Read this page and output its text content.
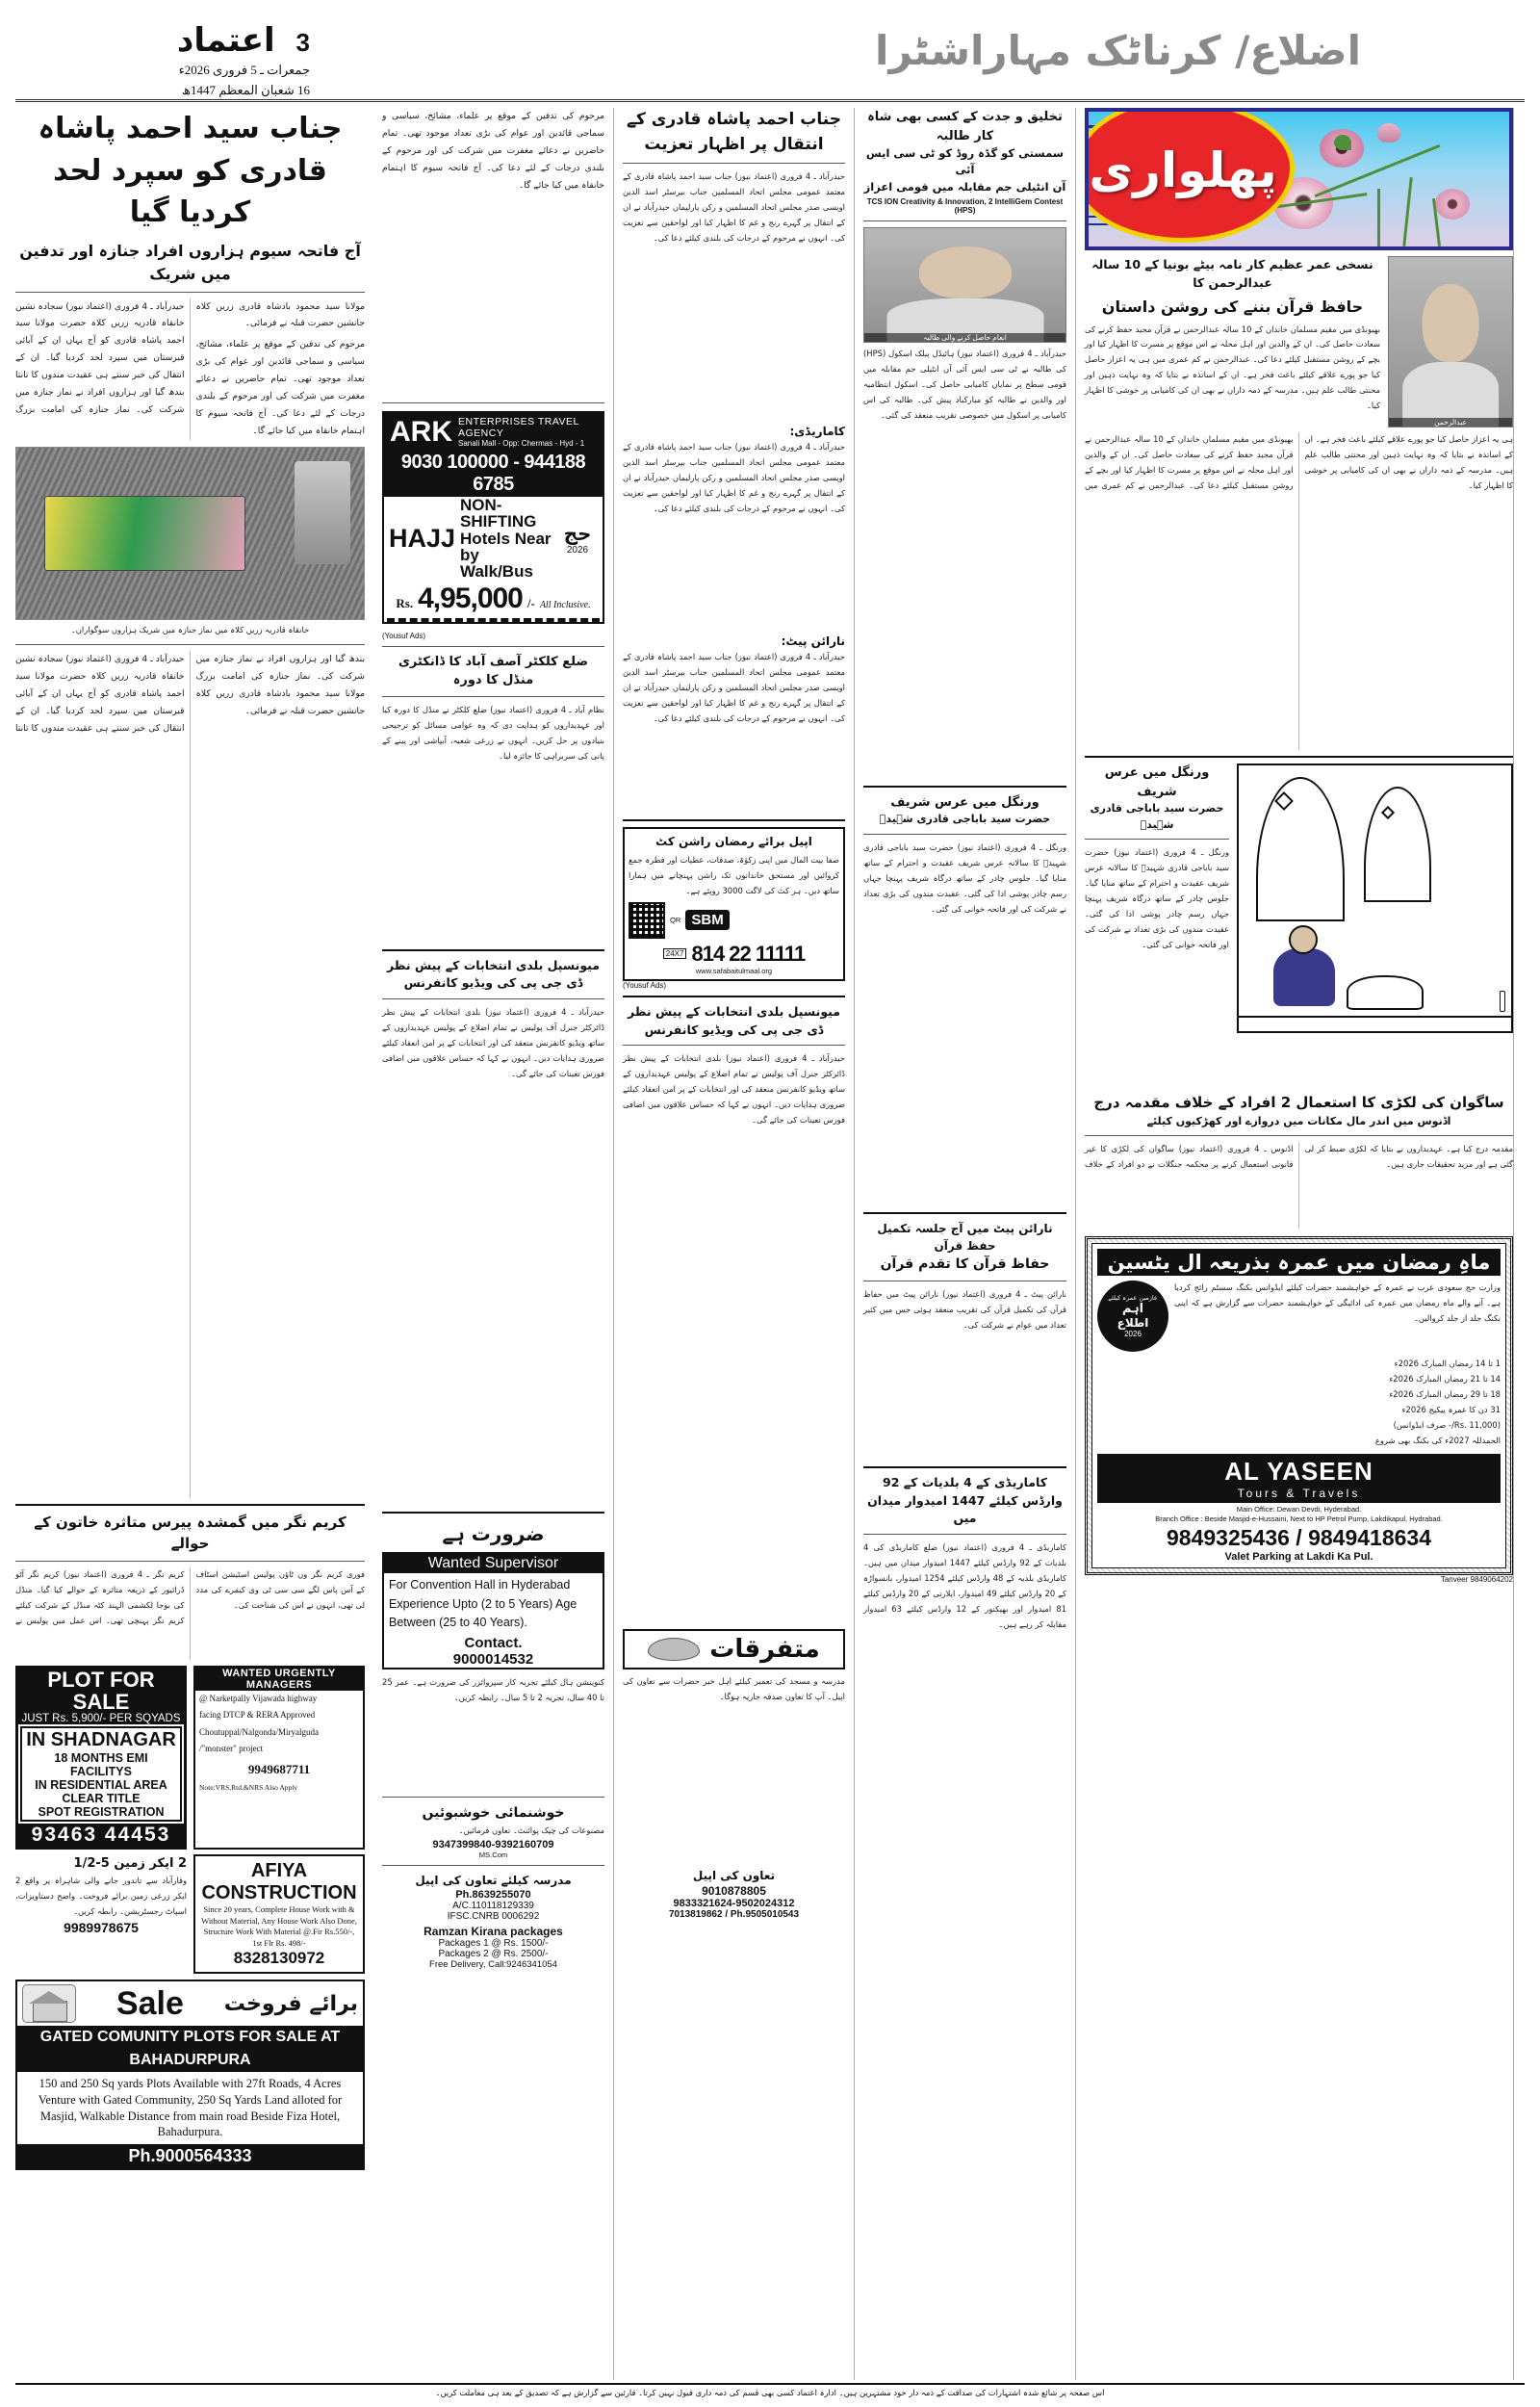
3 اعتماد
جمعرات ـ 5 فروری 2026ء
16 شعبان المعظم 1447ھ
اضلاع/ کرناٹک مہاراشٹرا
جناب سید احمد پاشاہ قادری کو سپرد لحد کردیا گیا
آج فاتحہ سیوم ہزاروں افراد جنازہ اور تدفین میں شریک
حیدرآباد ـ 4 فروری (اعتماد نیوز) سجادہ نشین خانقاہ قادریہ زریں کلاہ حضرت مولانا سید احمد پاشاہ قادری کو آج یہاں ان کے آبائی قبرستان میں سپرد لحد کردیا گیا۔ ان کے انتقال کی خبر سنتے ہی عقیدت مندوں کا تانتا بندھ گیا اور ہزاروں افراد نے نماز جنازہ میں شرکت کی۔ نماز جنازہ کی امامت بزرگ مولانا سید محمود بادشاہ قادری زریں کلاہ جانشین حضرت قبلہ نے فرمائی۔
مرحوم کی تدفین کے موقع پر علماء، مشائخ، سیاسی و سماجی قائدین اور عوام کی بڑی تعداد موجود تھی۔ تمام حاضرین نے دعائے مغفرت میں شرکت کی اور مرحوم کے بلندی درجات کے لئے دعا کی۔ آج فاتحہ سیوم کا اہتمام خانقاہ میں کیا جائے گا۔
خانقاہ قادریہ زریں کلاہ میں نماز جنازہ میں شریک ہزاروں سوگواران۔
حیدرآباد ـ 4 فروری (اعتماد نیوز) سجادہ نشین خانقاہ قادریہ زریں کلاہ حضرت مولانا سید احمد پاشاہ قادری کو آج یہاں ان کے آبائی قبرستان میں سپرد لحد کردیا گیا۔ ان کے انتقال کی خبر سنتے ہی عقیدت مندوں کا تانتا بندھ گیا اور ہزاروں افراد نے نماز جنازہ میں شرکت کی۔ نماز جنازہ کی امامت بزرگ مولانا سید محمود بادشاہ قادری زریں کلاہ جانشین حضرت قبلہ نے فرمائی۔
کریم نگر میں گمشدہ پیرس متاثرہ خاتون کے حوالے
کریم نگر ـ 4 فروری (اعتماد نیوز) کریم نگر آٹو ڈرائیور کے ذریعہ متاثرہ کے حوالے کیا گیا۔ منڈل کی بوجا لکشمی الہند کٹہ منڈل کے شرکت کیلئے کریم نگر پہنچی تھی۔ اس عمل میں پولیس نے فوری کریم نگر ون ٹاؤن پولیس اسٹیشن اسٹاف کے آس پاس لگے سی سی ٹی وی کیمرے کی مدد لی تھی، انہوں نے اس کی شناخت کی۔
PLOT FOR SALE
JUST Rs. 5,900/- PER SQYADS
IN SHADNAGAR
18 MONTHS EMI FACILITYS
IN RESIDENTIAL AREA
CLEAR TITLE
SPOT REGISTRATION
93463 44453
WANTED URGENTLY MANAGERS
@ Narketpally Vijawada highway
facing DTCP & RERA Approved
Choutuppal/Nalgonda/Miryalguda
/"monster" project
9949687711
Note:VRS,Rtd.&NRS Also Apply
2 ایکر زمین 5-1/2
وقارآباد سے تاندور جانے والی شاہراہ پر واقع 2 ایکر زرعی زمین برائے فروخت۔ واضح دستاویزات، اسپاٹ رجسٹریشن۔ رابطہ کریں۔
9989978675
AFIYA CONSTRUCTION
Since 20 years, Complete House Work with &
Without Material, Any House Work Also Done,
Structure Work With Material @.Fir Rs.550/-,
1st Flr Rs. 498/-
8328130972
Sale برائے فروخت
GATED COMUNITY PLOTS FOR SALE AT
BAHADURPURA
150 and 250 Sq yards Plots Available with 27ft Roads, 4 Acres Venture with Gated Community, 250 Sq Yards Land alloted for Masjid, Walkable Distance from main road Beside Fiza Hotel, Bahadurpura.
Ph.9000564333
مرحوم کی تدفین کے موقع پر علماء، مشائخ، سیاسی و سماجی قائدین اور عوام کی بڑی تعداد موجود تھی۔ تمام حاضرین نے دعائے مغفرت میں شرکت کی اور مرحوم کے بلندی درجات کے لئے دعا کی۔ آج فاتحہ سیوم کا اہتمام خانقاہ میں کیا جائے گا۔
ARK ENTERPRISES TRAVEL AGENCY
Sanali Mall - Opp: Chermas - Hyd - 1
9030 100000 - 944188 6785
HAJJ
NON-SHIFTING
Hotels Near by Walk/Bus
حج
2026
Rs. 4,95,000 /- All Inclusive.
(Yousuf Ads)
ضلع کلکٹر آصف آباد کا ڈانکٹری منڈل کا دورہ
نظام آباد ـ 4 فروری (اعتماد نیوز) ضلع کلکٹر نے منڈل کا دورہ کیا اور عہدیداروں کو ہدایت دی کہ وہ عوامی مسائل کو ترجیحی بنیادوں پر حل کریں۔ انہوں نے زرعی شعبہ، آبپاشی اور پینے کے پانی کی سربراہی کا جائزہ لیا۔
میونسپل بلدی انتخابات کے پیش نظر ڈی جی پی کی ویڈیو کانفرنس
حیدرآباد ـ 4 فروری (اعتماد نیوز) بلدی انتخابات کے پیش نظر ڈائرکٹر جنرل آف پولیس نے تمام اضلاع کے پولیس عہدیداروں کے ساتھ ویڈیو کانفرنس منعقد کی اور انتخابات کے پر امن انعقاد کیلئے ضروری ہدایات دیں۔ انہوں نے کہا کہ حساس علاقوں میں اضافی فورس تعینات کی جائے گی۔
ضرورت ہے
Wanted Supervisor
For Convention Hall in Hyderabad Experience Upto (2 to 5 Years) Age Between (25 to 40 Years).
Contact.
9000014532
کنوینشن ہال کیلئے تجربہ کار سپروائزر کی ضرورت ہے۔ عمر 25 تا 40 سال، تجربہ 2 تا 5 سال۔ رابطہ کریں۔
خوشنمائی خوشبوئیں
مصنوعات کی چیک پوائنٹ۔ تعاون فرمائیں۔
9347399840-9392160709
MS.Com
مدرسہ کیلئے تعاون کی اپیل
Ph.8639255070
A/C.110118129339
IFSC.CNRB 0006292
Ramzan Kirana packages
Packages 1 @ Rs. 1500/-
Packages 2 @ Rs. 2500/-
Free Delivery, Call:9246341054
جناب احمد پاشاہ قادری کے انتقال پر اظہار تعزیت
حیدرآباد ـ 4 فروری (اعتماد نیوز) جناب سید احمد پاشاہ قادری کے معتمد عمومی مجلس اتحاد المسلمین جناب بیرسٹر اسد الدین اویسی صدر مجلس اتحاد المسلمین و رکن پارلیمان حیدرآباد نے ان کے انتقال پر گہرے رنج و غم کا اظہار کیا اور لواحقین سے تعزیت کی۔ انہوں نے مرحوم کے درجات کی بلندی کیلئے دعا کی۔
کاماریڈی:
حیدرآباد ـ 4 فروری (اعتماد نیوز) جناب سید احمد پاشاہ قادری کے معتمد عمومی مجلس اتحاد المسلمین جناب بیرسٹر اسد الدین اویسی صدر مجلس اتحاد المسلمین و رکن پارلیمان حیدرآباد نے ان کے انتقال پر گہرے رنج و غم کا اظہار کیا اور لواحقین سے تعزیت کی۔ انہوں نے مرحوم کے درجات کی بلندی کیلئے دعا کی۔
نارائن پیٹ:
حیدرآباد ـ 4 فروری (اعتماد نیوز) جناب سید احمد پاشاہ قادری کے معتمد عمومی مجلس اتحاد المسلمین جناب بیرسٹر اسد الدین اویسی صدر مجلس اتحاد المسلمین و رکن پارلیمان حیدرآباد نے ان کے انتقال پر گہرے رنج و غم کا اظہار کیا اور لواحقین سے تعزیت کی۔ انہوں نے مرحوم کے درجات کی بلندی کیلئے دعا کی۔
اپیل برائے رمضان راشن کٹ
صفا بیت المال میں اپنی زکوٰۃ، صدقات، عطیات اور فطرہ جمع کروائیں اور مستحق خاندانوں تک راشن پہنچانے میں ہمارا ساتھ دیں۔ ہر کٹ کی لاگت 3000 روپئے ہے۔
QR SBM
24X7 814 22 11111
www.safabaitulmaal.org
(Yousuf Ads)
میونسپل بلدی انتخابات کے پیش نظر ڈی جی پی کی ویڈیو کانفرنس
حیدرآباد ـ 4 فروری (اعتماد نیوز) بلدی انتخابات کے پیش نظر ڈائرکٹر جنرل آف پولیس نے تمام اضلاع کے پولیس عہدیداروں کے ساتھ ویڈیو کانفرنس منعقد کی اور انتخابات کے پر امن انعقاد کیلئے ضروری ہدایات دیں۔ انہوں نے کہا کہ حساس علاقوں میں اضافی فورس تعینات کی جائے گی۔
متفرقات
مدرسہ و مسجد کی تعمیر کیلئے اہل خیر حضرات سے تعاون کی اپیل۔ آپ کا تعاون صدقہ جاریہ ہوگا۔
تعاون کی اپیل
9010878805
9833321624-9502024312
7013819862 / Ph.9505010543
تخلیق و جدت کے کسی بھی شاہ کار طالبہ
سمستی کو گڈہ روڈ کو ٹی سی ایس آئی
آن انٹیلی جم مقابلہ میں قومی اعزاز
TCS ION Creativity & Innovation, 2 IntelliGem Contest (HPS)
انعام حاصل کرنے والی طالبہ
حیدرآباد ـ 4 فروری (اعتماد نیوز) ہائیڈل پبلک اسکول (HPS) کی طالبہ نے ٹی سی ایس آئی آن انٹیلی جم مقابلہ میں قومی سطح پر نمایاں کامیابی حاصل کی۔ اسکول انتظامیہ اور والدین نے طالبہ کو مبارکباد پیش کی۔ طالبہ کی اس کامیابی پر اسکول میں خصوصی تقریب منعقد کی گئی۔
ورنگل میں عرس شریف
حضرت سید باباجی قادری شہیدؒ
ورنگل ـ 4 فروری (اعتماد نیوز) حضرت سید باباجی قادری شہیدؒ کا سالانہ عرس شریف عقیدت و احترام کے ساتھ منایا گیا۔ جلوس چادر کے ساتھ درگاہ شریف پہنچا جہاں رسم چادر پوشی ادا کی گئی۔ عقیدت مندوں کی بڑی تعداد نے شرکت کی اور فاتحہ خوانی کی گئی۔
نارائن پیٹ میں آج جلسہ تکمیل حفظ قرآن
حفاظ قرآن کا تقدم قرآن
نارائن پیٹ ـ 4 فروری (اعتماد نیوز) نارائن پیٹ میں حفاظ قرآن کی تکمیل قرآن کی تقریب منعقد ہوئی جس میں کثیر تعداد میں عوام نے شرکت کی۔
کاماریڈی کے 4 بلدیات کے 92 وارڈس کیلئے 1447 امیدوار میدان میں
کاماریڈی ـ 4 فروری (اعتماد نیوز) ضلع کاماریڈی کی 4 بلدیات کے 92 وارڈس کیلئے 1447 امیدوار میدان میں ہیں۔ کاماریڈی بلدیہ کے 48 وارڈس کیلئے 1254 امیدوار، بانسواڑہ کے 20 وارڈس کیلئے 49 امیدوار، ایلارتی کے 20 وارڈس کیلئے 81 امیدوار اور بھیکنور کے 12 وارڈس کیلئے 63 امیدوار مقابلہ کر رہے ہیں۔
پھلواری
نسخی عمر عظیم کار نامہ بیٹے بونیا کے 10 سالہ عبدالرحمن کا
حافظ قرآن بننے کی روشن داستان
بھیونڈی میں مقیم مسلمان خاندان کے 10 سالہ عبدالرحمن نے قرآن مجید حفظ کرنے کی سعادت حاصل کی۔ ان کے والدین اور اہل محلہ نے اس موقع پر مسرت کا اظہار کیا اور بچے کے روشن مستقبل کیلئے دعا کی۔ عبدالرحمن نے کم عمری میں ہی یہ اعزاز حاصل کیا جو پورے علاقے کیلئے باعث فخر ہے۔ ان کے اساتذہ نے بتایا کہ وہ نہایت ذہین اور محنتی طالب علم ہیں۔ مدرسہ کے ذمہ داران نے بھی ان کی کامیابی پر خوشی کا اظہار کیا۔
عبدالرحمن
بھیونڈی میں مقیم مسلمان خاندان کے 10 سالہ عبدالرحمن نے قرآن مجید حفظ کرنے کی سعادت حاصل کی۔ ان کے والدین اور اہل محلہ نے اس موقع پر مسرت کا اظہار کیا اور بچے کے روشن مستقبل کیلئے دعا کی۔ عبدالرحمن نے کم عمری میں ہی یہ اعزاز حاصل کیا جو پورے علاقے کیلئے باعث فخر ہے۔ ان کے اساتذہ نے بتایا کہ وہ نہایت ذہین اور محنتی طالب علم ہیں۔ مدرسہ کے ذمہ داران نے بھی ان کی کامیابی پر خوشی کا اظہار کیا۔
ورنگل میں عرس شریف
حضرت سید باباجی قادری شہیدؒ
ورنگل ـ 4 فروری (اعتماد نیوز) حضرت سید باباجی قادری شہیدؒ کا سالانہ عرس شریف عقیدت و احترام کے ساتھ منایا گیا۔ جلوس چادر کے ساتھ درگاہ شریف پہنچا جہاں رسم چادر پوشی ادا کی گئی۔ عقیدت مندوں کی بڑی تعداد نے شرکت کی اور فاتحہ خوانی کی گئی۔
ساگوان کی لکڑی کا استعمال 2 افراد کے خلاف مقدمہ درج
اڈنوس میں اندر مال مکانات میں دروازے اور کھڑکیوں کیلئے
اڈنوس ـ 4 فروری (اعتماد نیوز) ساگوان کی لکڑی کا غیر قانونی استعمال کرنے پر محکمہ جنگلات نے دو افراد کے خلاف مقدمہ درج کیا ہے۔ عہدیداروں نے بتایا کہ لکڑی ضبط کر لی گئی ہے اور مزید تحقیقات جاری ہیں۔
ماہِ رمضان میں عمرہ بذریعہ ال یٹسین
عازمین عمرہ کیلئے
اہم
اطلاع
2026
وزارت حج سعودی عرب نے عمرہ کے خواہشمند حضرات کیلئے ایڈوانس بکنگ سسٹم رائج کردیا ہے۔ آنے والے ماہ رمضان میں عمرہ کی ادائیگی کے خواہشمند حضرات سے گزارش ہے کہ اپنی بکنگ جلد از جلد کروالیں۔
1 تا 14 رمضان المبارک 2026ء
14 تا 21 رمضان المبارک 2026ء
18 تا 29 رمضان المبارک 2026ء
31 دن کا عمرہ پیکیج 2026ء
(Rs. 11,000/- صرف ایڈوانس)
الحمدللہ 2027ء کی بکنگ بھی شروع
AL YASEEN
Tours & Travels
Main Office: Dewan Devdi, Hyderabad.
Branch Office : Beside Masjid-e-Hussaini, Next to HP Petrol Pump, Lakdikapul, Hydrabad.
9849325436 / 9849418634
Valet Parking at Lakdi Ka Pul.
Tanveer 9849064202
اس صفحہ پر شائع شدہ اشتہارات کی صداقت کے ذمہ دار خود مشتہرین ہیں۔ ادارہ اعتماد کسی بھی قسم کی ذمہ داری قبول نہیں کرتا۔ قارئین سے گزارش ہے کہ تصدیق کے بعد ہی معاملت کریں۔
